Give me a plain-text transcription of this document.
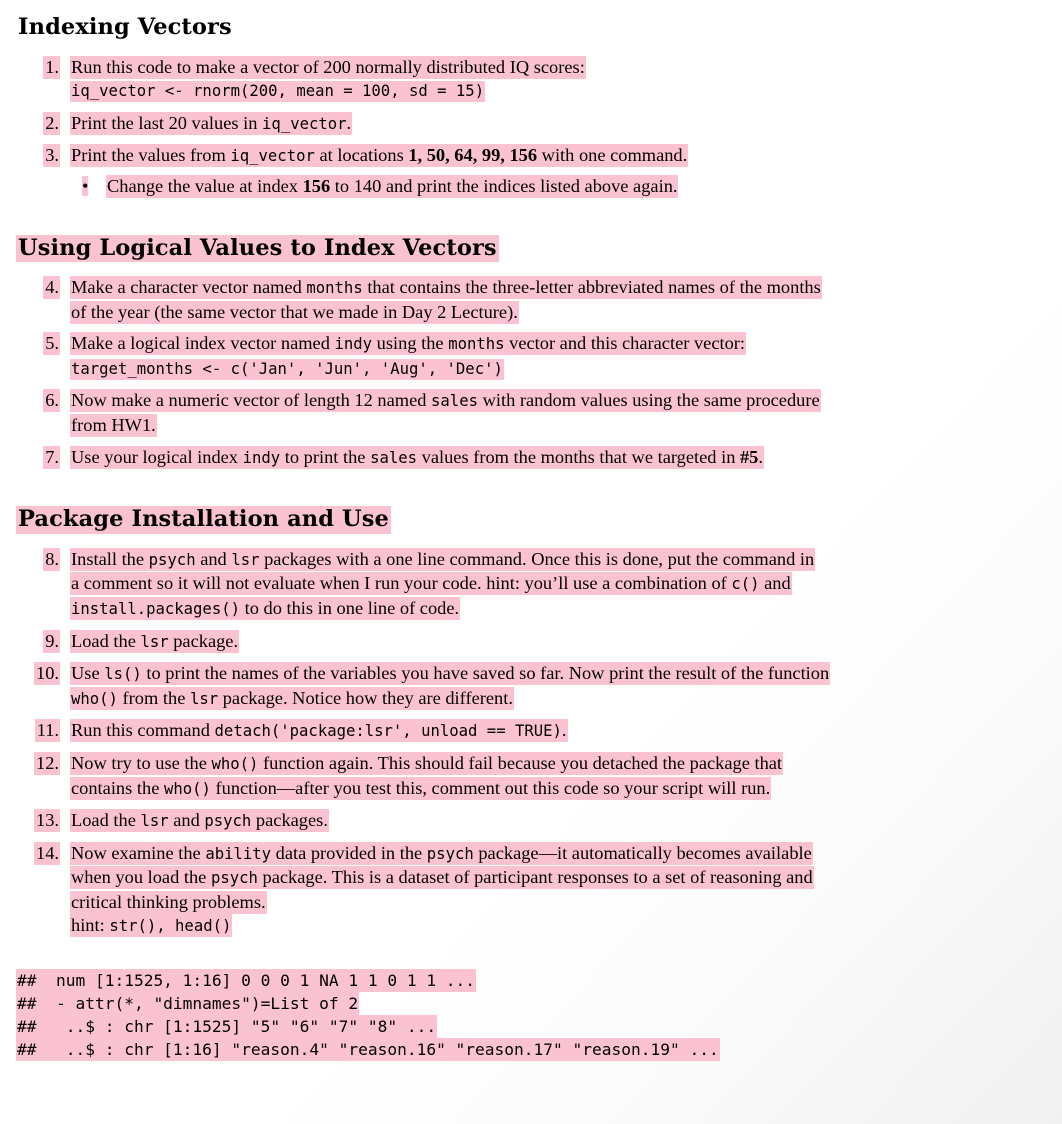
Indexing Vectors
1. Run this code to make a vector of 200 normally distributed IQ scores:
iq_vector <- rnorm(200, mean = 100, sd = 15)
2. Print the last 20 values in iq_vector.
3. Print the values from iq_vector at locations 1, 50, 64, 99, 156 with one command.
• Change the value at index 156 to 140 and print the indices listed above again.
Using Logical Values to Index Vectors
4. Make a character vector named months that contains the three-letter abbreviated names of the months
of the year (the same vector that we made in Day 2 Lecture).
5. Make a logical index vector named indy using the months vector and this character vector:
target_months <- c('Jan', 'Jun', 'Aug', 'Dec')
6. Now make a numeric vector of length 12 named sales with random values using the same procedure
from HW1.
7. Use your logical index indy to print the sales values from the months that we targeted in #5.
Package Installation and Use
8. Install the psych and lsr packages with a one line command. Once this is done, put the command in
a comment so it will not evaluate when I run your code. hint: you’ll use a combination of c() and
install.packages() to do this in one line of code.
9. Load the lsr package.
10. Use ls() to print the names of the variables you have saved so far. Now print the result of the function
who() from the lsr package. Notice how they are different.
11. Run this command detach('package:lsr', unload == TRUE).
12. Now try to use the who() function again. This should fail because you detached the package that
contains the who() function—after you test this, comment out this code so your script will run.
13. Load the lsr and psych packages.
14. Now examine the ability data provided in the psych package—it automatically becomes available
when you load the psych package. This is a dataset of participant responses to a set of reasoning and
critical thinking problems.
hint: str(), head()
##  num [1:1525, 1:16] 0 0 0 1 NA 1 1 0 1 1 ...
##  - attr(*, "dimnames")=List of 2
##   ..$ : chr [1:1525] "5" "6" "7" "8" ...
##   ..$ : chr [1:16] "reason.4" "reason.16" "reason.17" "reason.19" ...
